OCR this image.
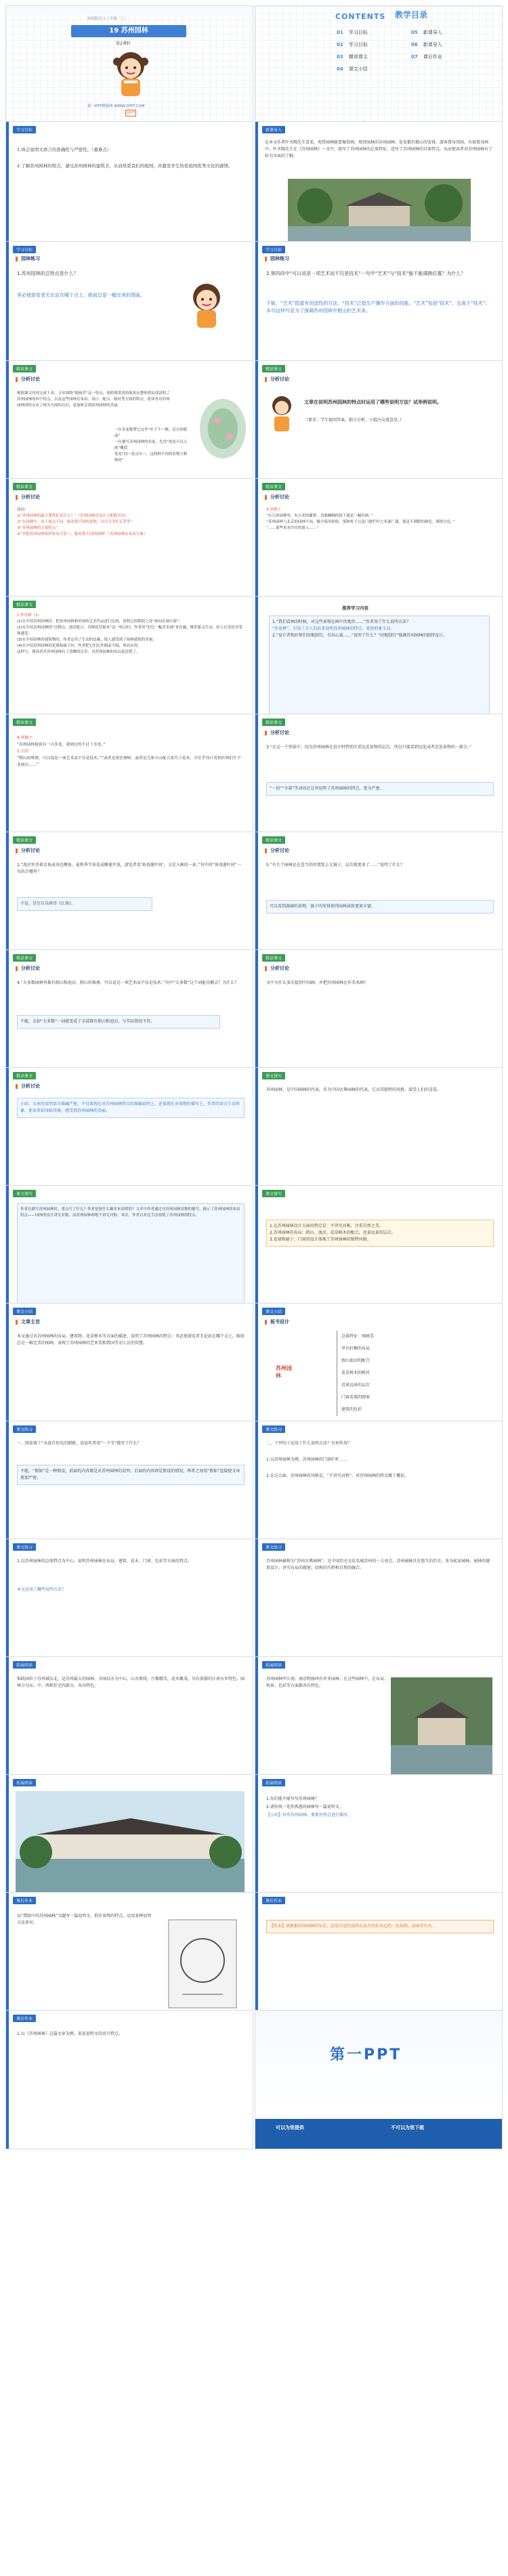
统编版语文八年级（上）
19 苏州园林
第2课时
第一PPT模板网-WWW.1PPT.COM
1PPT
CONTENTS 教学目录
01 学习目标
02 学习目标
03 精读课文
04 课文小结
05 新课导入
06 新课导入
07 课后作业
学习目标
1.体会说明文语言的准确性与严密性。（重难点）
2.了解苏州园林的特点，感受苏州园林的建筑美，从而热爱我们的祖国，并激发学生热爱祖国优秀文化的感情。
新课导入
在本文作者叶圣陶先生看来，观赏园林就要像赏画，观赏园林的苏州园林，处处都有精心的安排，游客置身其间，有如置身画中。叶圣陶先生在《苏州园林》一文中，既写了苏州园林的总体特征，也写了苏州园林的具体特点，从而使读者对苏州园林有了较为全面的了解。
学习目标
园林练习
1.苏州园林的总特点是什么？
务必使游览者无论站在哪个点上，眼前总是一幅完美的图画。
学习目标
园林练习
2.第四段中“可以说是一项艺术而不仅是技术”一句中“艺术”与“技术”能不能调换位置？为什么？
不能。“艺术”指富有创造性的方法，“技术”泛指生产操作方面的技能。“艺术”包括“技术”，且高于“技术”。本句这样写是为了强调苏州园林中假山的艺术美。
精读课文
分析讨论
根据课文内容完成下表，文章围绕“图画美”这一特点，按照观赏者的视角从整体到局部说明了苏州园林的四个特点，以及这些园林在布局、设计、配合、映衬等方面的特点，使读者对苏州园林的特点有了较为全面的认识，更加体会到苏州园林的美丽。
一位名家称赞它这里“叶子不一棵，总在你眼前”
一位描写苏州园林的名家，先用“处处可以入画”概括
处处“同一景点中一，这两种不同的景物互相映衬”
精读课文
分析讨论
文章在说明苏州园林的特点时运用了哪些说明方法？试举例说明。
（要求：学生提问答案，独立分析，小组内交流意见。）
精读课文
分析讨论
设问：
①“苏州园林的最主要特征是什么？”（苏州园林在设计上把握全局）
②“在园林中，由于视点不同，能看到不同的景物，可以分为什么等等”
③“苏州园林的主要特点”
④“并把苏州园林景的布局方法一，能看到不同的园林”（苏州园林在布局方面）
精读课文
分析讨论
3.举例子
“有几座园林里，有古老的藤萝，盘曲嶙峋的枝干就是一幅好画。”
“苏州园林与北京的园林不同，极少使用彩绘，梁和柱子以及门窗栏杆大多漆广漆，那是不刺眼的颜色。墙壁白色。”
“……那些来来往往的游人……”
精读课文
1.作诠释（1）
(1)在介绍苏州园林时，把苏州园林和外国的艺术作品进行比较，说明它的独特之处“如同在画中游”。
(2)在介绍苏州园林的“以假山，池沼配合，各种花草树木”这一特点时，作者用“好比一幅美术画”来比喻，既形象又生动，给人以美的享受和感受。
(3)在介绍园林的建筑物时，作者运用了生动的比喻，使人感受到了园林建筑的美丽。
(4)在介绍苏州园林的花墙和廊子时，作者把它们比作隔而不隔，界而未界。
这样写，使读者对苏州园林有了清晰的认识，对苏州园林的布局更清楚了。
推荐学习内容
1.“我们看画的时候，对这些景物在画中的地位……”作者用了什么说明方法？
“作诠释”，引用了古人的话来说明苏州园林的特点，更加形象生动。
2.“设计者和匠师们因地制宜，自出心裁……”说明了什么？“因地制宜”强调苏州园林的独特设计。
精读课文
4.列数字
“苏州园林据说有一百多处，我到过的不过十多处。”
5.引用
“假山的堆叠，可以说是一项艺术而不仅是技术。”“或者是重峦叠嶂，或者是几座小山配合着竹子花木，全在乎设计者和匠师们生平多阅历……”
精读课文
分析讨论
3.“在这一个别景中，因为苏州园林在设计时特别注重远近景物的层次，所以只能看到远处或者近处景物的一部分。”
“一切”“全部”等词语在这里说明了苏州园林的特点，更为严密。
精读课文
分析讨论
2.“池沼里养着金鱼或各色鲤鱼，夏秋季节荷花或睡莲开放，游览者看‘鱼戏莲叶间’，又是入画的一景。”句中的“鱼戏莲叶间”一句出自哪里？
不是，是引自乐府诗《江南》。
精读课文
分析讨论
5.“有几个园林还在适当的位置装上大镜子，层次就更多了……”说明了什么？
可以看到游廊的景物，镜子的安排使得园林景致更加丰富。
精读课文
分析讨论
4.“大多数园林里都有假山和池沼，假山的堆叠，可以说是一项艺术而不仅是技术。”句中“大多数”这个词能否删去？为什么？
不能，去掉“大多数”一词就变成了全部都有假山和池沼，与实际情况不符。
精读课文
分析讨论
文中为什么多次提到中国画，并把苏州园林比作美术画？
精读课文
分析讨论
小结：文章的说明语言准确严密，不仅体现在对苏州园林特点的准确说明上，还体现在对景物的描写上，作者的语言生动形象，使读者如身临其境，感受到苏州园林的美丽。
课文探究
苏州园林，是中国园林的代表。作为中国古典园林的代表，它以其独特的风格，深受人们的喜爱。
课文探究
作者在描写苏州园林时，重点写了什么？作者是按什么顺序来说明的？文章中作者通过对苏州园林景物的描写，揭示了苏州园林的布局特点——园林的设计讲究对称，而苏州园林却绝不讲究对称；其次，作者以对比手法说明了苏州园林的特点。
课文探究
1.在苏州园林设计方面的特点是：不讲究对称，注重自然之美。
2.苏州园林的布局：假山、池沼、花草树木的配合，近景远景的层次。
3.花墙和廊子、门窗的设计体现了苏州园林的独特风格。
课文小结
文章主旨
本文通过对苏州园林的布局、建筑物、花草树木等方面的描述，说明了苏州园林的特点：务必使游览者无论站在哪个点上，眼前总是一幅完美的图画，表现了苏州园林的艺术美和我国劳动人民的智慧。
课文小结
板书设计
苏州园林
总体特征：图画美
亭台轩榭的布局
假山池沼的配合
花草树木的映衬
近景远景的层次
门窗花墙的图案
建筑的色彩
课文练习
一、阅读第十“水波有何光的倒影，说说作者用“一个字”描写了什么？
不能，“假如”是一种假设，前面的内容都是对苏州园林的说明；后面的内容则是假设的情况，两者之间用“假如”连接使文章更加严密。
课文练习
二、下列句子运用了什么说明方法？有何作用？
1.以苏州园林为例，苏州园林的门窗栏杆……
2.在这方面，苏州园林的风格是，“不讲究对称”，对苏州园林的特点做了概括。
课文练习
1.以苏州园林的总体特点为中心，说明苏州园林在布局、建筑、花木、门窗、色彩等方面的特点。
本文运用了哪些说明方法？
课文练习
苏州园林被称为“苏州古典园林”，是中国历史文化名城苏州的一大亮点。苏州园林具有悠久的历史，多为私家园林。园林的建筑设计，讲究布局的疏密，结构的巧妙和自然的融合。
拓展阅读
拙政园位于苏州城东北，是苏州最大的园林。全园以水为中心，山水萦绕，厅榭精美，花木繁茂，具有浓郁的江南水乡特色。园林分为东、中、西和住宅四部分，各具特色。
拓展阅读
苏州园林甲江南，南京和扬州有许多园林，在这些园林中，在布局、构景、色彩等方面都各有特色。
拓展阅读	拓展阅读
1.你们能不能写写苏州园林？
2.请你找一处你熟悉的园林写一篇说明文。
【小结】写作苏州园林，要抓住特点进行描写。
课后作业
以“我眼中的苏州园林”为题写一篇说明文，抓住景物的特点，运用多种说明方法来写。
课后作业
【作业】请根据苏州园林的写法，运用合适的说明方法介绍你身边的一处景物，200字左右。
课后作业
1.以《苏州园林》这篇文章为例，说说说明文的语言特点。
第一PPT
可以为您提供	不可以为您下载
